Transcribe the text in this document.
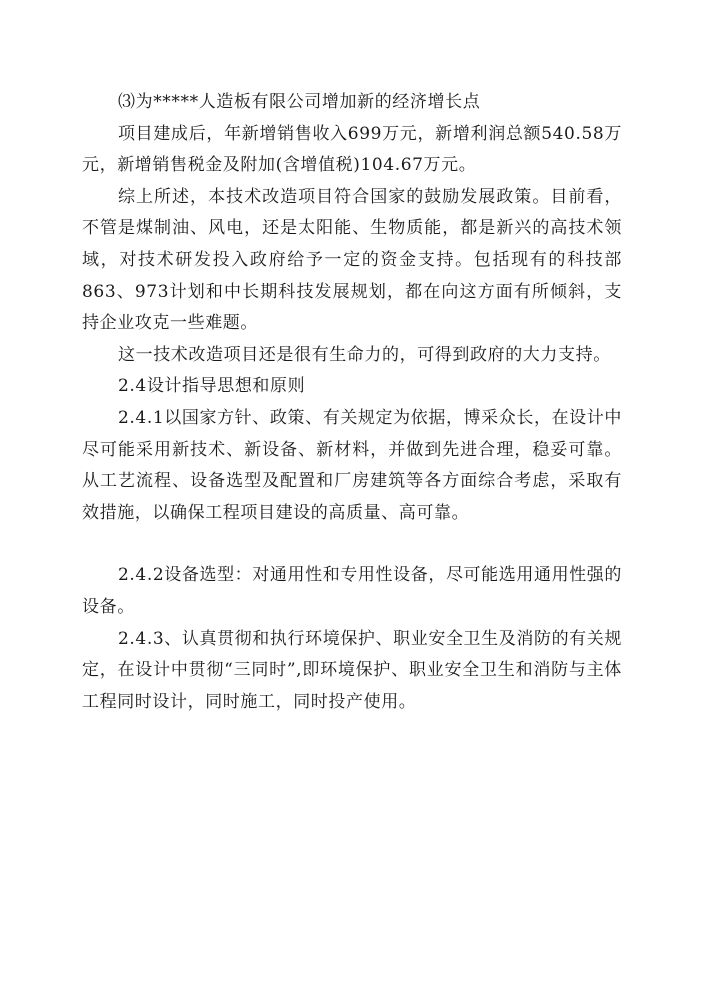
⑶为*****人造板有限公司增加新的经济增长点

项目建成后，年新增销售收入699万元，新增利润总额540.58万元，新增销售税金及附加(含增值税)104.67万元。

综上所述，本技术改造项目符合国家的鼓励发展政策。目前看，不管是煤制油、风电，还是太阳能、生物质能，都是新兴的高技术领域，对技术研发投入政府给予一定的资金支持。包括现有的科技部863、973计划和中长期科技发展规划，都在向这方面有所倾斜，支持企业攻克一些难题。

这一技术改造项目还是很有生命力的，可得到政府的大力支持。

2.4设计指导思想和原则

2.4.1以国家方针、政策、有关规定为依据，博采众长，在设计中尽可能采用新技术、新设备、新材料，并做到先进合理，稳妥可靠。从工艺流程、设备选型及配置和厂房建筑等各方面综合考虑，采取有效措施，以确保工程项目建设的高质量、高可靠。

2.4.2设备选型：对通用性和专用性设备，尽可能选用通用性强的设备。

2.4.3、认真贯彻和执行环境保护、职业安全卫生及消防的有关规定，在设计中贯彻“三同时”,即环境保护、职业安全卫生和消防与主体工程同时设计，同时施工，同时投产使用。
